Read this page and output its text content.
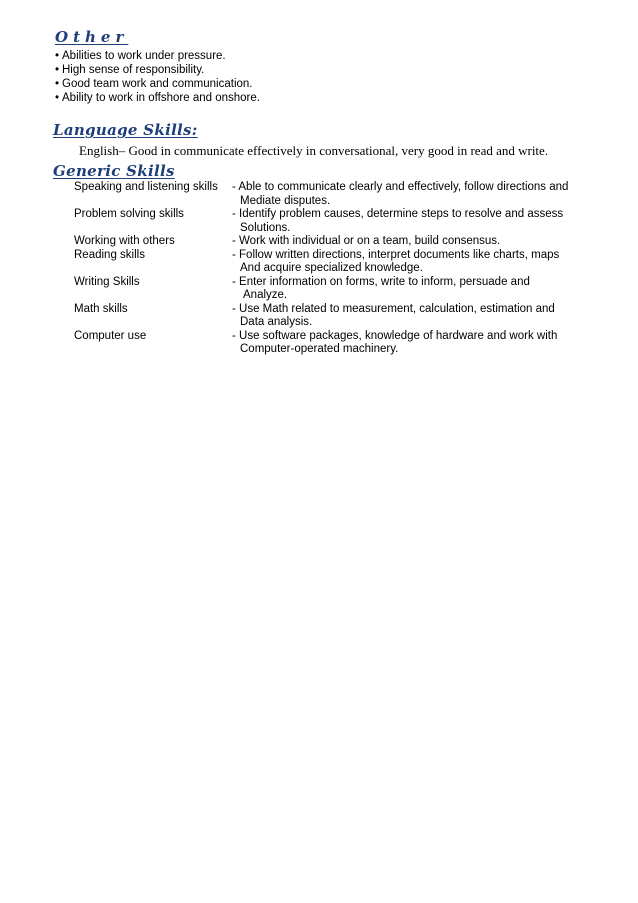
Other
• Abilities to work under pressure.
• High sense of responsibility.
• Good team work and communication.
• Ability to work in offshore and onshore.
Language Skills:

English– Good in communicate effectively in conversational, very good in read and write.

Generic Skills
Speaking and listening skills - Able to communicate clearly and effectively, follow directions and
Mediate disputes.
Problem solving skills	- Identify problem causes, determine steps to resolve and assess
Solutions.
Working with others	- Work with individual or on a team, build consensus.
Reading skills	- Follow written directions, interpret documents like charts, maps
And acquire specialized knowledge.
Writing Skills	- Enter information on forms, write to inform, persuade and
Analyze.
Math skills	- Use Math related to measurement, calculation, estimation and
Data analysis.
Computer use	- Use software packages, knowledge of hardware and work with
Computer-operated machinery.
